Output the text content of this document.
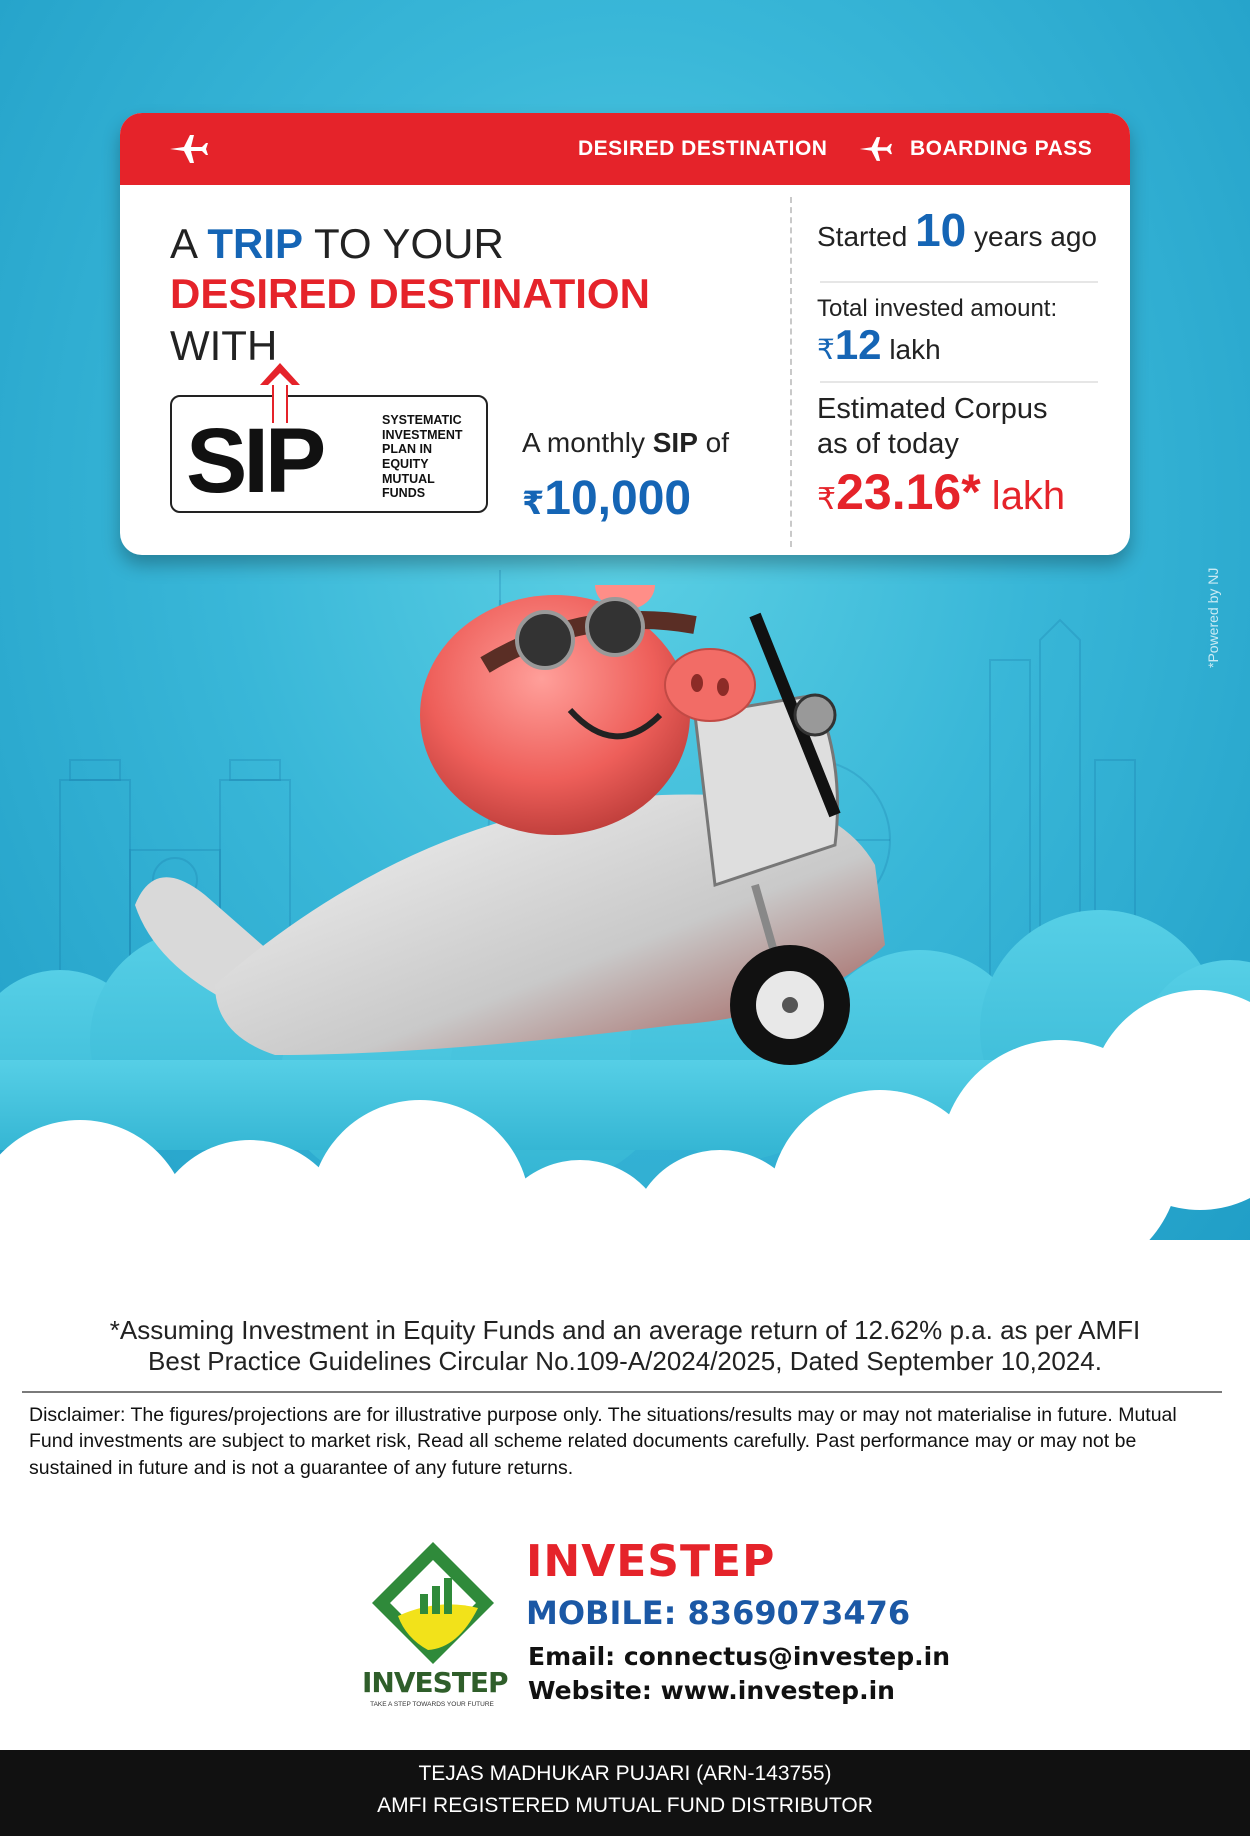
DESIRED DESTINATION	BOARDING PASS
A TRIP TO YOUR
DESIRED DESTINATION
WITH
SIP	SYSTEMATIC
INVESTMENT
PLAN IN
EQUITY
MUTUAL
FUNDS
A monthly SIP of
₹10,000
Started 10 years ago
Total invested amount:
₹12 lakh
Estimated Corpus
as of today
₹23.16* lakh
*Powered by NJ
*Assuming Investment in Equity Funds and an average return of 12.62% p.a. as per AMFI
Best Practice Guidelines Circular No.109-A/2024/2025, Dated September 10,2024.
Disclaimer: The figures/projections are for illustrative purpose only. The situations/results may or may not materialise in future. Mutual Fund investments are subject to market risk, Read all scheme related documents carefully. Past performance may or may not be sustained in future and is not a guarantee of any future returns.
INVESTEP
TAKE A STEP TOWARDS YOUR FUTURE
INVESTEP
MOBILE: 8369073476
Email: connectus@investep.in
Website: www.investep.in
TEJAS MADHUKAR PUJARI (ARN-143755)
AMFI REGISTERED MUTUAL FUND DISTRIBUTOR
